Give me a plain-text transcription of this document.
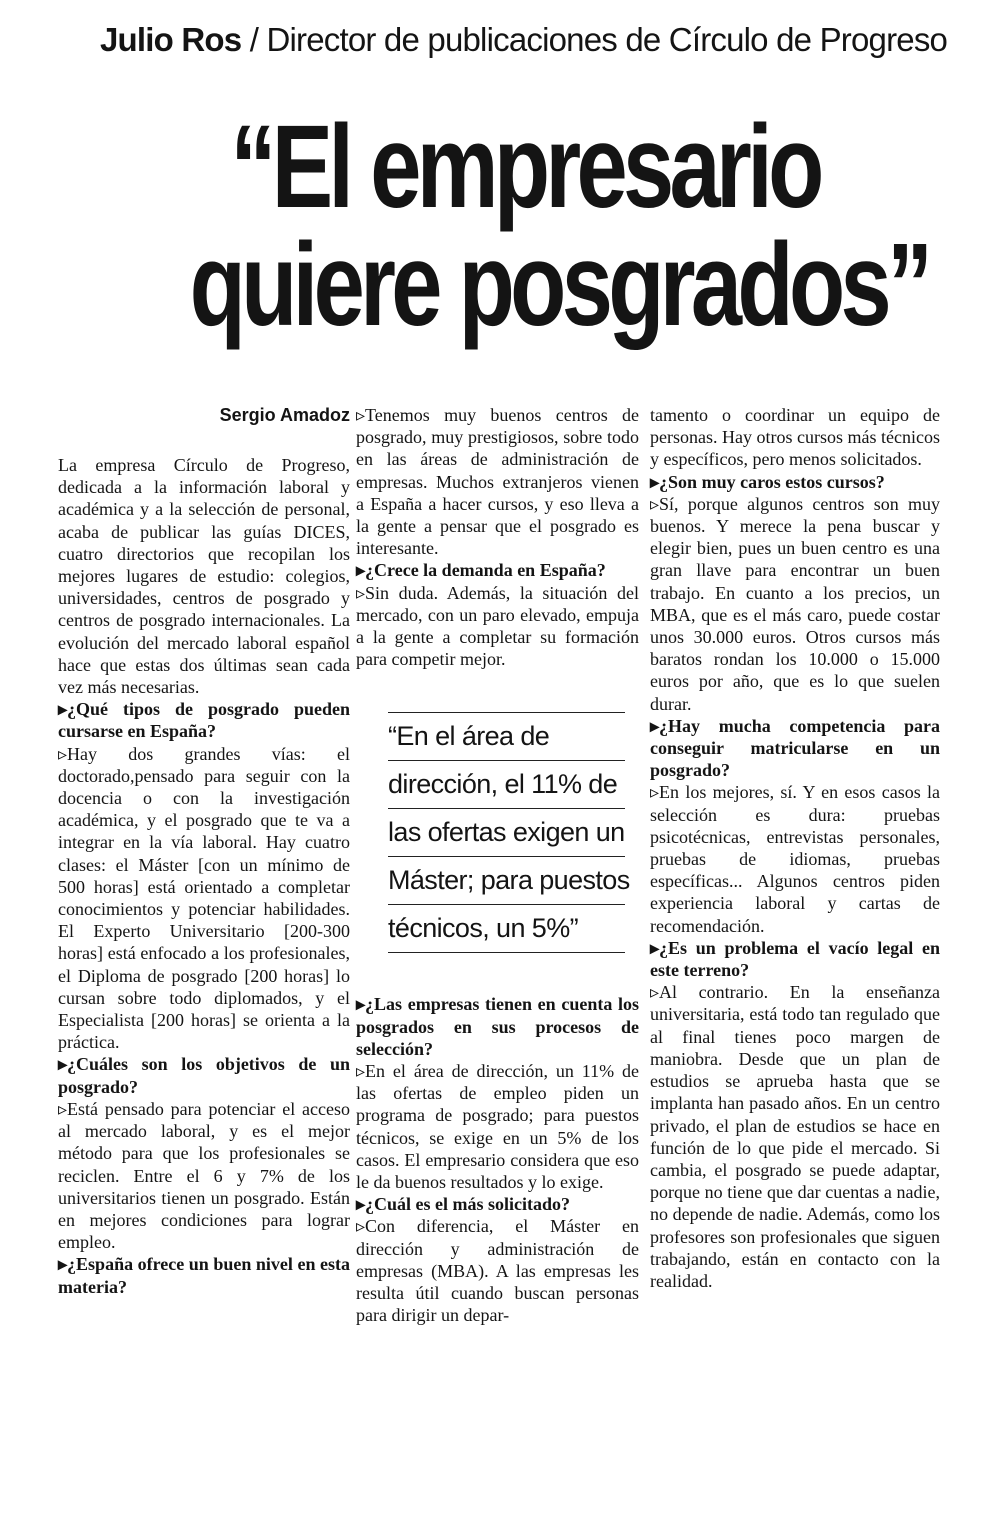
Julio Ros / Director de publicaciones de Círculo de Progreso
“El empresario
quiere posgrados”
Sergio Amadoz

La empresa Círculo de Progreso, dedicada a la información laboral y académica y a la selección de personal, acaba de publicar las guías DICES, cuatro directorios que recopilan los mejores lugares de estudio: colegios, universidades, centros de posgrado y centros de posgrado internacionales. La evolución del mercado laboral español hace que estas dos últimas sean cada vez más necesarias.

▸ ¿Qué tipos de posgrado pueden cursarse en España?

▹ Hay dos grandes vías: el doctorado,pensado para seguir con la docencia o con la investigación académica, y el posgrado que te va a integrar en la vía laboral. Hay cuatro clases: el Máster [con un mínimo de 500 horas] está orientado a completar conocimientos y potenciar habilidades. El Experto Universitario [200-300 horas] está enfocado a los profesionales, el Diploma de posgrado [200 horas] lo cursan sobre todo diplomados, y el Especialista [200 horas] se orienta a la práctica.

▸ ¿Cuáles son los objetivos de un posgrado?

▹ Está pensado para potenciar el acceso al mercado laboral, y es el mejor método para que los profesionales se reciclen. Entre el 6 y 7% de los universitarios tienen un posgrado. Están en mejores condiciones para lograr empleo.

▸ ¿España ofrece un buen nivel en esta materia?

▹ Tenemos muy buenos centros de posgrado, muy prestigiosos, sobre todo en las áreas de administración de empresas. Muchos extranjeros vienen a España a hacer cursos, y eso lleva a la gente a pensar que el posgrado es interesante.

▸ ¿Crece la demanda en España?

▹ Sin duda. Además, la situación del mercado, con un paro elevado, empuja a la gente a completar su formación para competir mejor.

“En el área de
dirección, el 11% de
las ofertas exigen un
Máster; para puestos
técnicos, un 5%”

▸ ¿Las empresas tienen en cuenta los posgrados en sus procesos de selección?

▹ En el área de dirección, un 11% de las ofertas de empleo piden un programa de posgrado; para puestos técnicos, se exige en un 5% de los casos. El empresario considera que eso le da buenos resultados y lo exige.

▸ ¿Cuál es el más solicitado?

▹ Con diferencia, el Máster en dirección y administración de empresas (MBA). A las empresas les resulta útil cuando buscan personas para dirigir un depar-

tamento o coordinar un equipo de personas. Hay otros cursos más técnicos y específicos, pero menos solicitados.

▸ ¿Son muy caros estos cursos?

▹ Sí, porque algunos centros son muy buenos. Y merece la pena buscar y elegir bien, pues un buen centro es una gran llave para encontrar un buen trabajo. En cuanto a los precios, un MBA, que es el más caro, puede costar unos 30.000 euros. Otros cursos más baratos rondan los 10.000 o 15.000 euros por año, que es lo que suelen durar.

▸ ¿Hay mucha competencia para conseguir matricularse en un posgrado?

▹ En los mejores, sí. Y en esos casos la selección es dura: pruebas psicotécnicas, entrevistas personales, pruebas de idiomas, pruebas específicas... Algunos centros piden experiencia laboral y cartas de recomendación.

▸ ¿Es un problema el vacío legal en este terreno?

▹ Al contrario. En la enseñanza universitaria, está todo tan regulado que al final tienes poco margen de maniobra. Desde que un plan de estudios se aprueba hasta que se implanta han pasado años. En un centro privado, el plan de estudios se hace en función de lo que pide el mercado. Si cambia, el posgrado se puede adaptar, porque no tiene que dar cuentas a nadie, no depende de nadie. Además, como los profesores son profesionales que siguen trabajando, están en contacto con la realidad.
